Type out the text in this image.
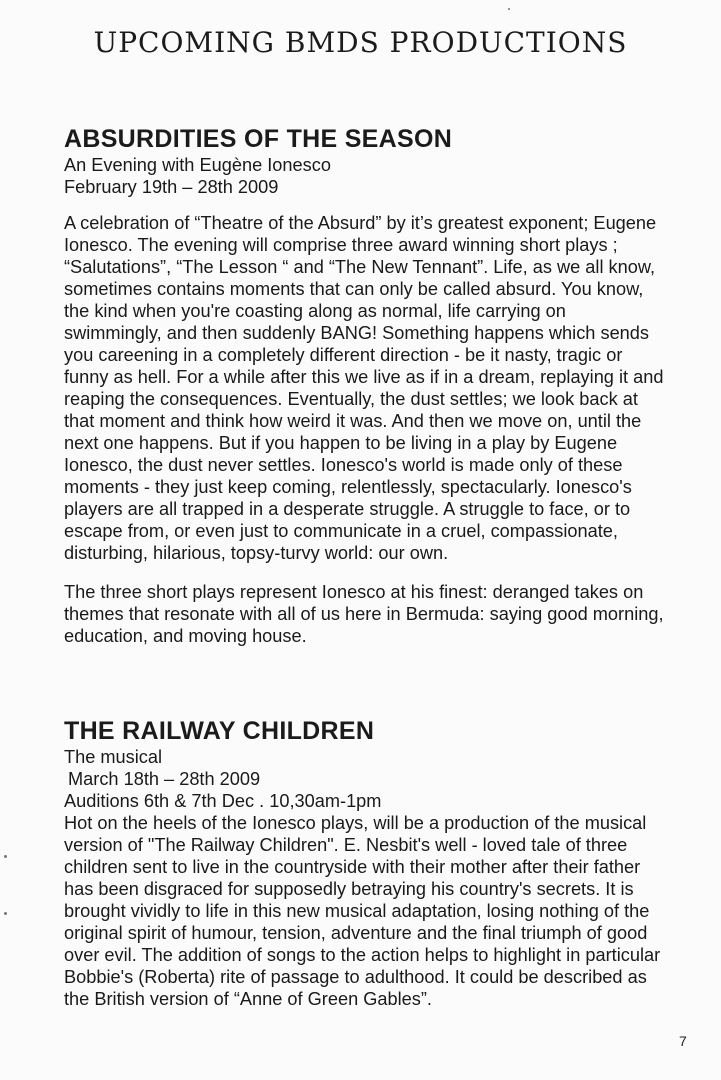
UPCOMING BMDS PRODUCTIONS
ABSURDITIES OF THE SEASON
An Evening with Eugène Ionesco
February 19th – 28th 2009

A celebration of “Theatre of the Absurd” by it’s greatest exponent; Eugene Ionesco. The evening will comprise three award winning short plays ; “Salutations”, “The Lesson “ and “The New Tennant”. Life, as we all know, sometimes contains moments that can only be called absurd. You know, the kind when you're coasting along as normal, life carrying on swimmingly, and then suddenly BANG! Something happens which sends you careening in a completely different direction - be it nasty, tragic or funny as hell. For a while after this we live as if in a dream, replaying it and reaping the consequences. Eventually, the dust settles; we look back at that moment and think how weird it was. And then we move on, until the next one happens. But if you happen to be living in a play by Eugene Ionesco, the dust never settles. Ionesco's world is made only of these moments - they just keep coming, relentlessly, spectacularly. Ionesco's players are all trapped in a desperate struggle. A struggle to face, or to escape from, or even just to communicate in a cruel, compassionate, disturbing, hilarious, topsy-turvy world: our own.

The three short plays represent Ionesco at his finest: deranged takes on themes that resonate with all of us here in Bermuda: saying good morning, education, and moving house.

THE RAILWAY CHILDREN
The musical
March 18th – 28th 2009
Auditions 6th & 7th Dec . 10,30am-1pm

Hot on the heels of the Ionesco plays, will be a production of the musical version of "The Railway Children". E. Nesbit's well - loved tale of three children sent to live in the countryside with their mother after their father has been disgraced for supposedly betraying his country's secrets. It is brought vividly to life in this new musical adaptation, losing nothing of the original spirit of humour, tension, adventure and the final triumph of good over evil. The addition of songs to the action helps to highlight in particular Bobbie's (Roberta) rite of passage to adulthood. It could be described as the British version of “Anne of Green Gables”.

7
